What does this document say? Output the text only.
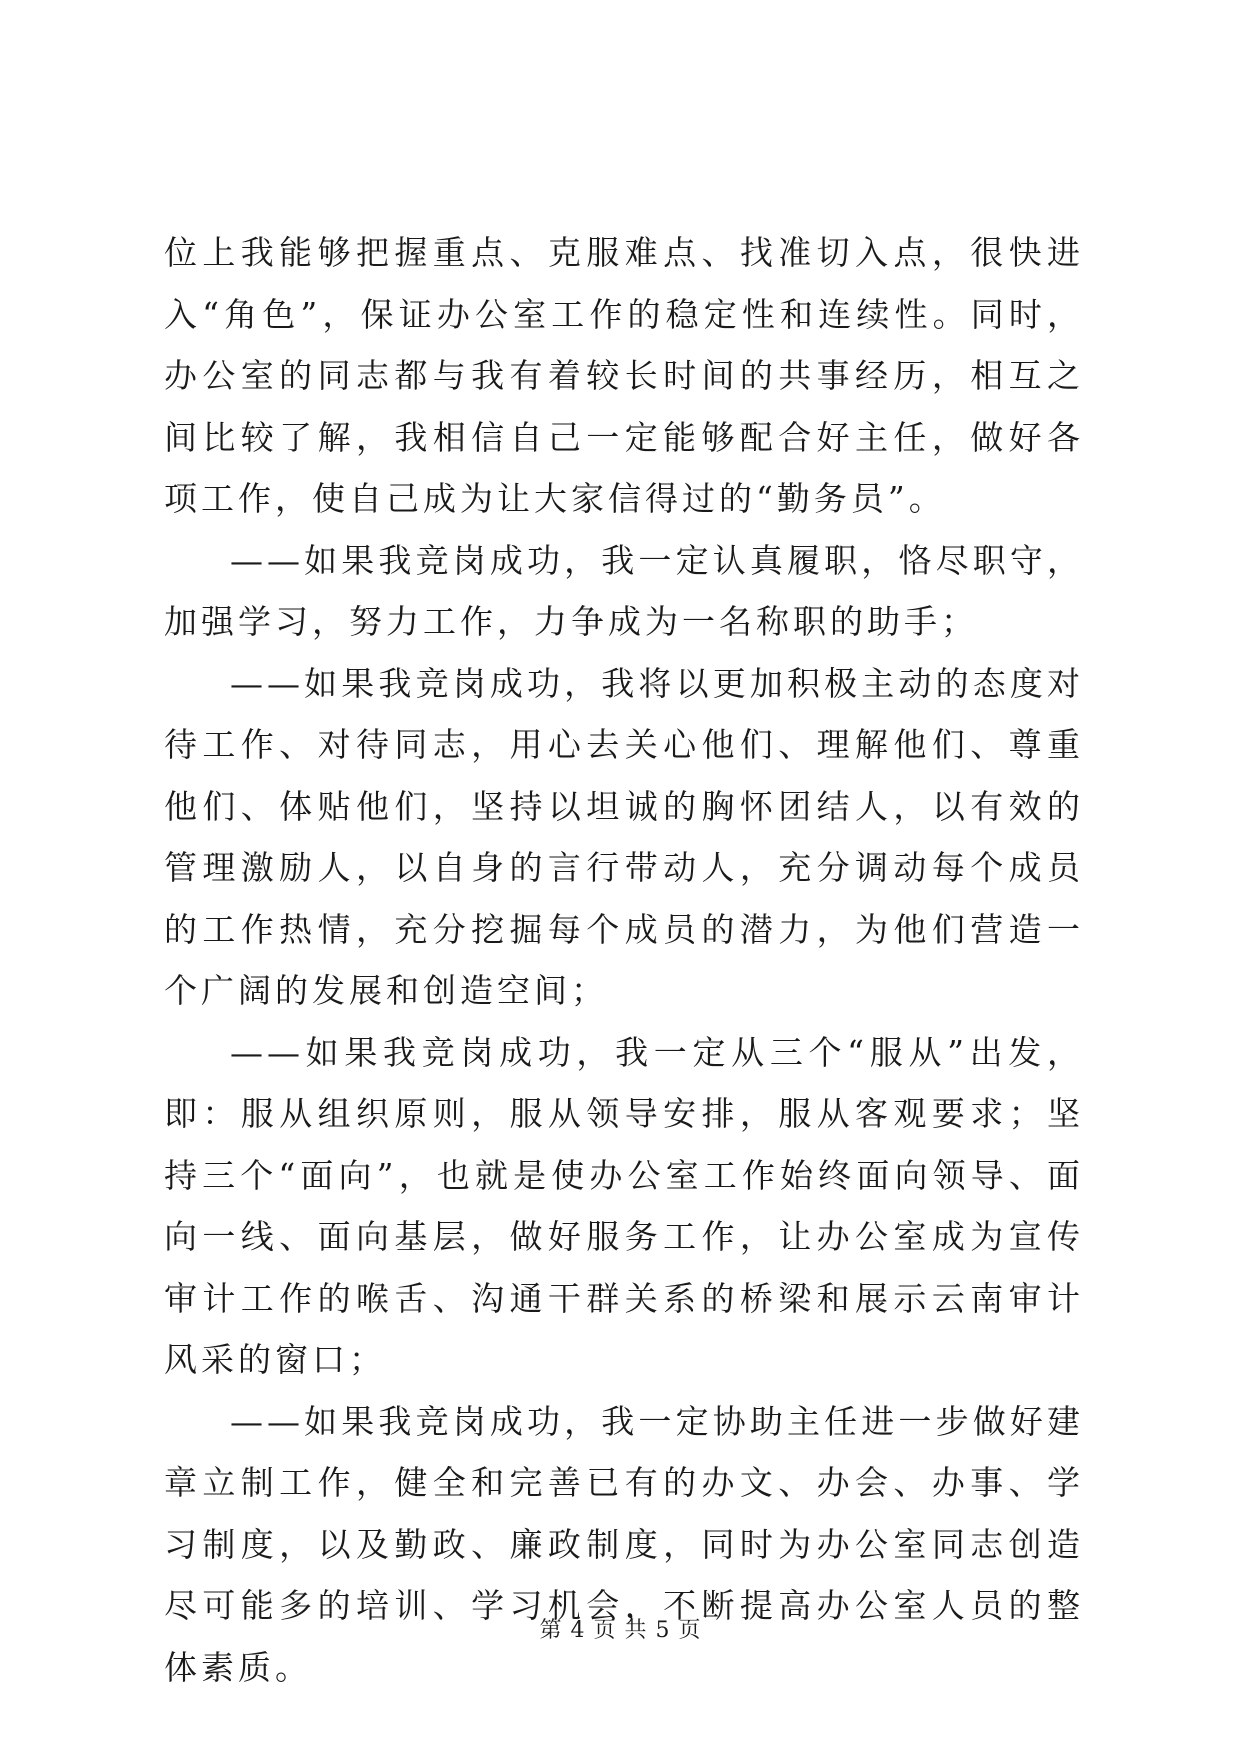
位上我能够把握重点、克服难点、找准切入点，很快进入“角色”，保证办公室工作的稳定性和连续性。同时，办公室的同志都与我有着较长时间的共事经历，相互之间比较了解，我相信自己一定能够配合好主任，做好各项工作，使自己成为让大家信得过的“勤务员”。

——如果我竞岗成功，我一定认真履职，恪尽职守，加强学习，努力工作，力争成为一名称职的助手；

——如果我竞岗成功，我将以更加积极主动的态度对待工作、对待同志，用心去关心他们、理解他们、尊重他们、体贴他们，坚持以坦诚的胸怀团结人，以有效的管理激励人，以自身的言行带动人，充分调动每个成员的工作热情，充分挖掘每个成员的潜力，为他们营造一个广阔的发展和创造空间；

——如果我竞岗成功，我一定从三个“服从”出发，即：服从组织原则，服从领导安排，服从客观要求；坚持三个“面向”，也就是使办公室工作始终面向领导、面向一线、面向基层，做好服务工作，让办公室成为宣传审计工作的喉舌、沟通干群关系的桥梁和展示云南审计风采的窗口；

——如果我竞岗成功，我一定协助主任进一步做好建章立制工作，健全和完善已有的办文、办会、办事、学习制度，以及勤政、廉政制度，同时为办公室同志创造尽可能多的培训、学习机会，不断提高办公室人员的整体素质。

第 4 页 共 5 页
